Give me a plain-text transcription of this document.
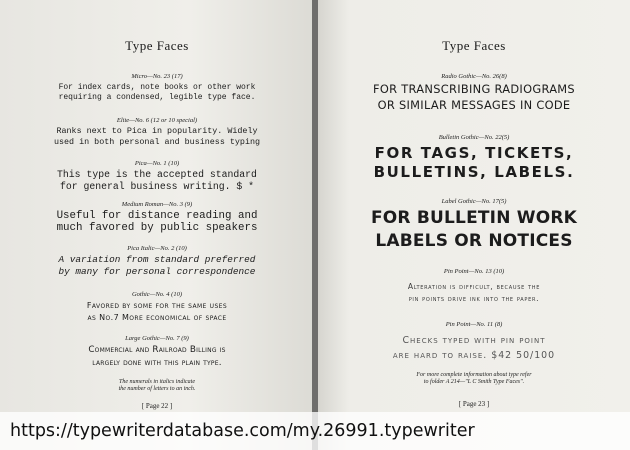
Type Faces
Micro—No. 23 (17)
For index cards, note books or other work
requiring a condensed, legible type face.
Elite—No. 6 (12 or 10 special)
Ranks next to Pica in popularity. Widely
used in both personal and business typing
Pica—No. 1 (10)
This type is the accepted standard
for general business writing. $ *
Medium Roman—No. 3 (9)
Useful for distance reading and
much favored by public speakers
Pica Italic—No. 2 (10)
A variation from standard preferred
by many for personal correspondence
Gothic—No. 4 (10)
Favored by some for the same uses
as No.7 More economical of space
Large Gothic—No. 7 (9)
Commercial and Railroad Billing is
largely done with this plain type.
The numerals in italics indicate
the number of letters to an inch.
[ Page 22 ]
Type Faces
Radio Gothic—No. 26(8)
FOR TRANSCRIBING RADIOGRAMS
OR SIMILAR MESSAGES IN CODE
Bulletin Gothic—No. 22(5)
FOR TAGS, TICKETS,
BULLETINS, LABELS.
Label Gothic—No. 17(5)
FOR BULLETIN WORK
LABELS OR NOTICES
Pin Point—No. 13 (10)
Alteration is difficult, because the
pin points drive ink into the paper.
Pin Point—No. 11 (8)
Checks typed with pin point
are hard to raise. $42 50/100
For more complete information about type refer
to folder A 214—"L C Smith Type Faces".
[ Page 23 ]
https://typewriterdatabase.com/my.26991.typewriter
